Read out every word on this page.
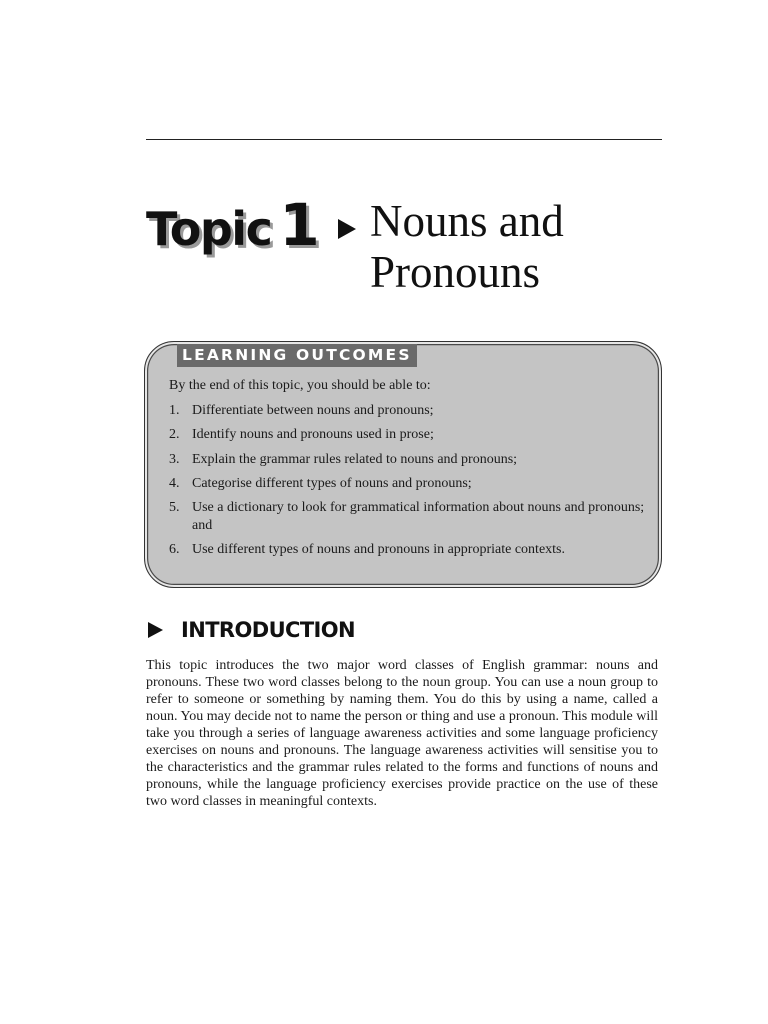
Topic 1 Nouns and Pronouns
LEARNING OUTCOMES
By the end of this topic, you should be able to:
1. Differentiate between nouns and pronouns;
2. Identify nouns and pronouns used in prose;
3. Explain the grammar rules related to nouns and pronouns;
4. Categorise different types of nouns and pronouns;
5. Use a dictionary to look for grammatical information about nouns and pronouns; and
6. Use different types of nouns and pronouns in appropriate contexts.
INTRODUCTION

This topic introduces the two major word classes of English grammar: nouns and pronouns. These two word classes belong to the noun group. You can use a noun group to refer to someone or something by naming them. You do this by using a name, called a noun. You may decide not to name the person or thing and use a pronoun. This module will take you through a series of language awareness activities and some language proficiency exercises on nouns and pronouns. The language awareness activities will sensitise you to the characteristics and the grammar rules related to the forms and functions of nouns and pronouns, while the language proficiency exercises provide practice on the use of these two word classes in meaningful contexts.
